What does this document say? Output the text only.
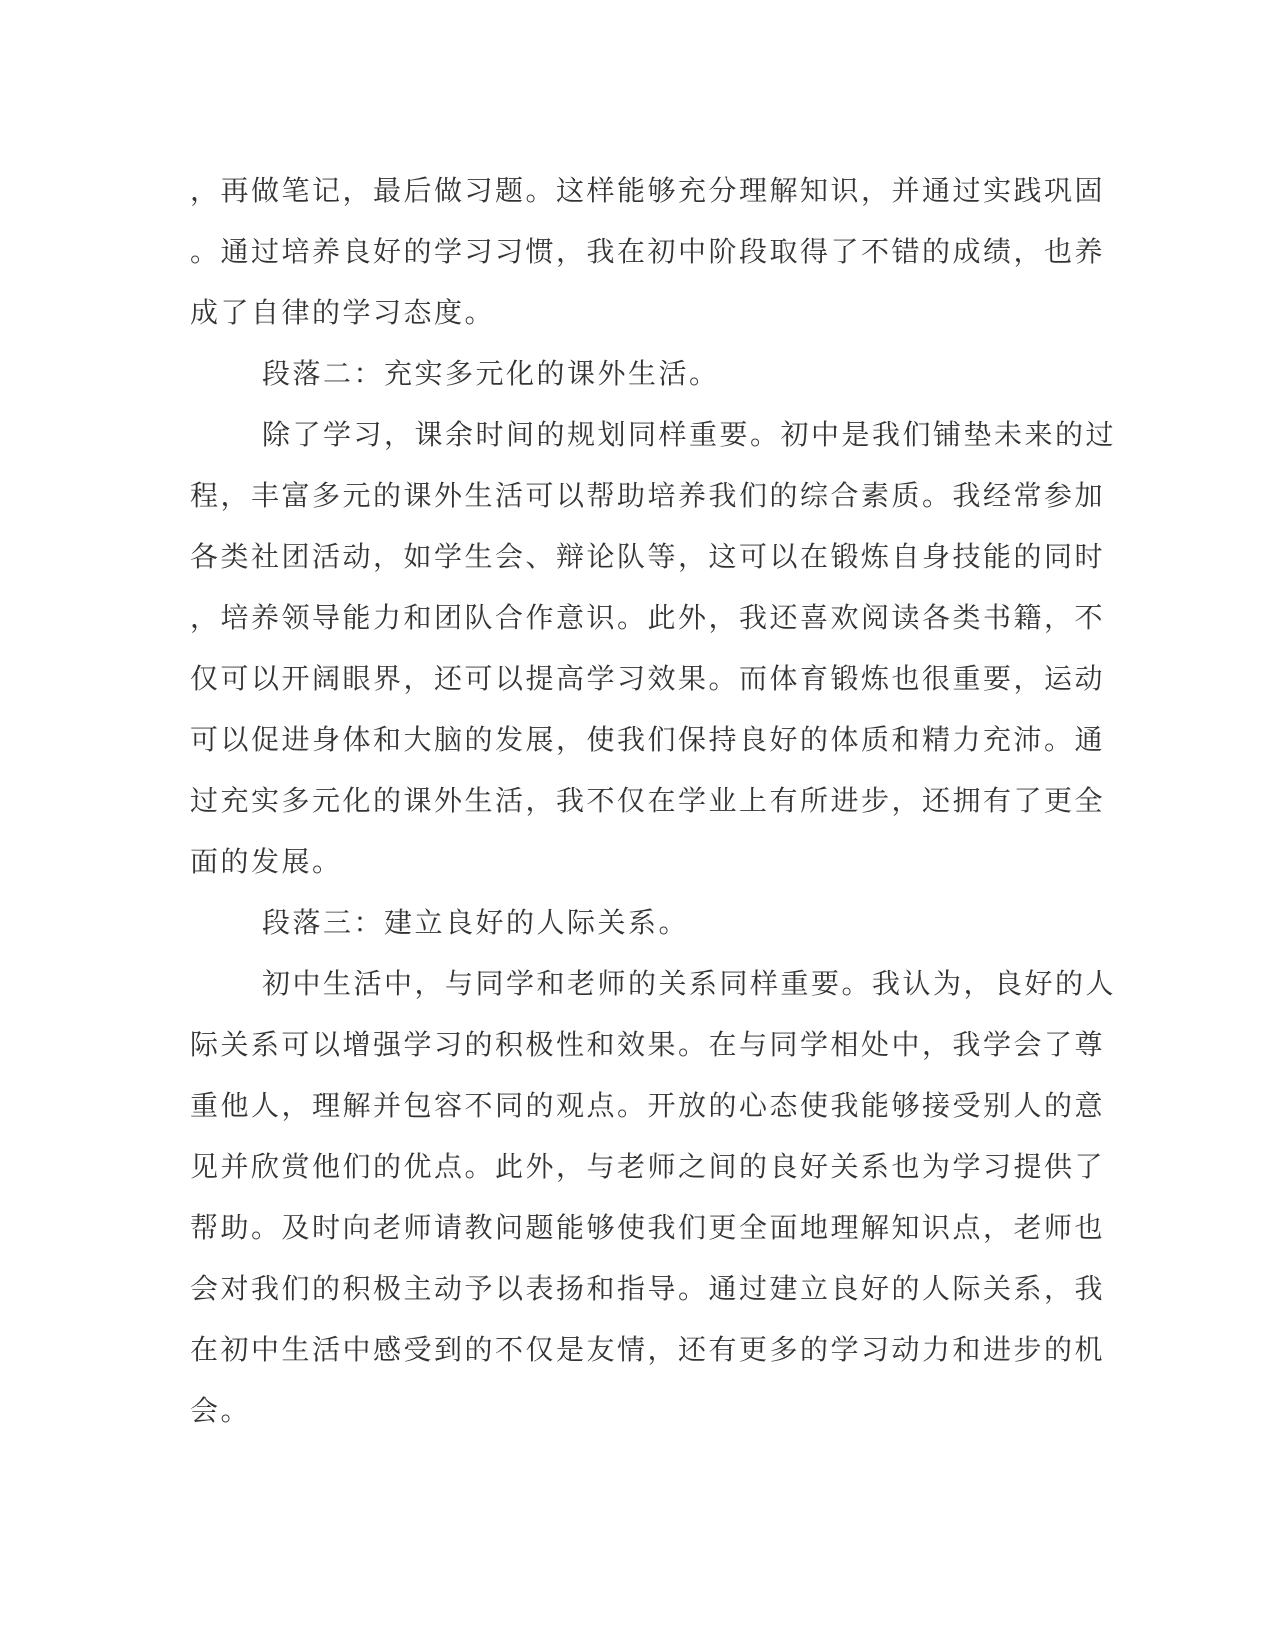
，再做笔记，最后做习题。这样能够充分理解知识，并通过实践巩固
。通过培养良好的学习习惯，我在初中阶段取得了不错的成绩，也养
成了自律的学习态度。
段落二：充实多元化的课外生活。
除了学习，课余时间的规划同样重要。初中是我们铺垫未来的过
程，丰富多元的课外生活可以帮助培养我们的综合素质。我经常参加
各类社团活动，如学生会、辩论队等，这可以在锻炼自身技能的同时
，培养领导能力和团队合作意识。此外，我还喜欢阅读各类书籍，不
仅可以开阔眼界，还可以提高学习效果。而体育锻炼也很重要，运动
可以促进身体和大脑的发展，使我们保持良好的体质和精力充沛。通
过充实多元化的课外生活，我不仅在学业上有所进步，还拥有了更全
面的发展。
段落三：建立良好的人际关系。
初中生活中，与同学和老师的关系同样重要。我认为，良好的人
际关系可以增强学习的积极性和效果。在与同学相处中，我学会了尊
重他人，理解并包容不同的观点。开放的心态使我能够接受别人的意
见并欣赏他们的优点。此外，与老师之间的良好关系也为学习提供了
帮助。及时向老师请教问题能够使我们更全面地理解知识点，老师也
会对我们的积极主动予以表扬和指导。通过建立良好的人际关系，我
在初中生活中感受到的不仅是友情，还有更多的学习动力和进步的机
会。
